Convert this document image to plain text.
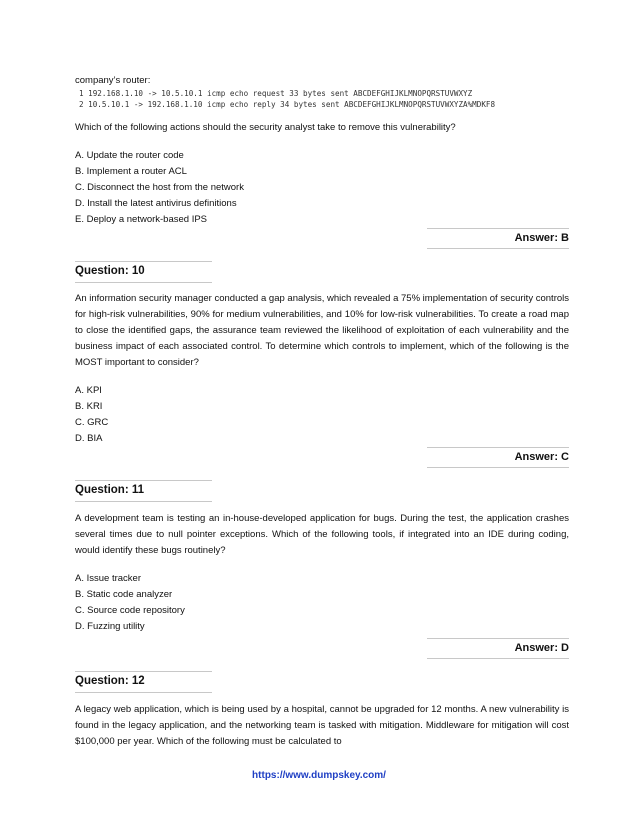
company’s router:
1 192.168.1.10 -> 10.5.10.1 icmp echo request 33 bytes sent ABCDEFGHIJKLMNOPQRSTUVWXYZ
2 10.5.10.1 -> 192.168.1.10 icmp echo reply 34 bytes sent ABCDEFGHIJKLMNOPQRSTUVWXYZA%MDKF8

Which of the following actions should the security analyst take to remove this vulnerability?

A. Update the router code
B. Implement a router ACL
C. Disconnect the host from the network
D. Install the latest antivirus definitions
E. Deploy a network-based IPS
Answer: B
Question: 10

An information security manager conducted a gap analysis, which revealed a 75% implementation of security controls for high-risk vulnerabilities, 90% for medium vulnerabilities, and 10% for low-risk vulnerabilities. To create a road map to close the identified gaps, the assurance team reviewed the likelihood of exploitation of each vulnerability and the business impact of each associated control. To determine which controls to implement, which of the following is the MOST important to consider?

A. KPI
B. KRI
C. GRC
D. BIA
Answer: C
Question: 11

A development team is testing an in-house-developed application for bugs. During the test, the application crashes several times due to null pointer exceptions. Which of the following tools, if integrated into an IDE during coding, would identify these bugs routinely?

A. Issue tracker
B. Static code analyzer
C. Source code repository
D. Fuzzing utility
Answer: D
Question: 12

A legacy web application, which is being used by a hospital, cannot be upgraded for 12 months. A new vulnerability is found in the legacy application, and the networking team is tasked with mitigation. Middleware for mitigation will cost $100,000 per year. Which of the following must be calculated to

https://www.dumpskey.com/
